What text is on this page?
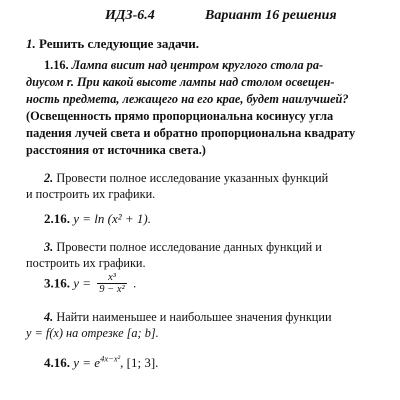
ИДЗ-6.4	Вариант 16 решения
1. Решить следующие задачи.
1.16. Лампа висит над центром круглого стола ра-
диусом r. При какой высоте лампы над столом освещен-
ность предмета, лежащего на его крае, будет наилучшей?
(Освещенность прямо пропорциональна косинусу угла
падения лучей света и обратно пропорциональна квадрату
расстояния от источника света.)
2. Провести полное исследование указанных функций
и построить их графики.
2.16. y = ln (x² + 1).
3. Провести полное исследование данных функций и
построить их графики.
3.16. $y = \frac{\text{x³}}{\text{9 − x²}}$ .
4. Найти наименьшее и наибольшее значения функции
y = f(x) на отрезке [a; b].
4.16. $y = e^{4x-x^2}$, [1; 3].
